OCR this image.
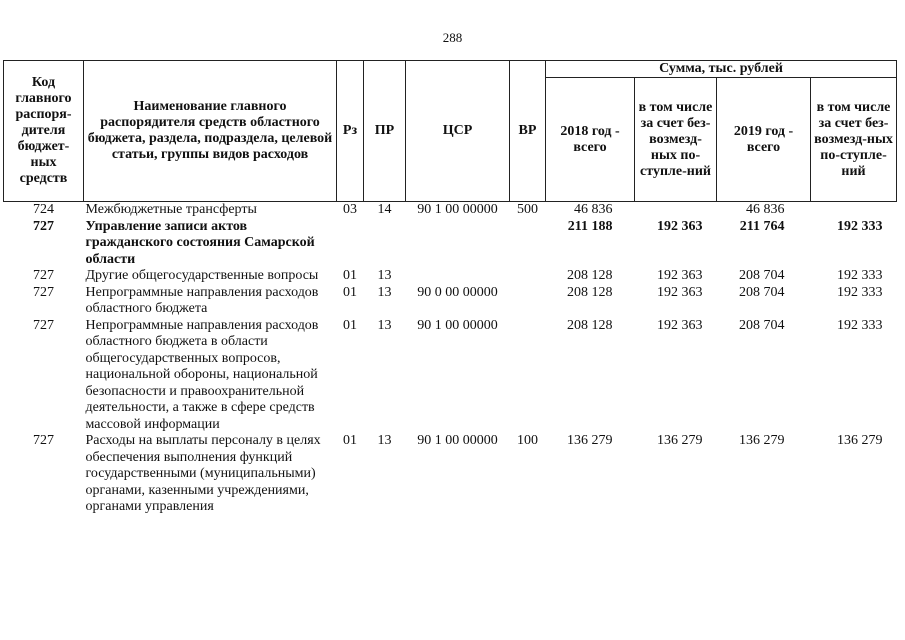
288
Код главного распоря-дителя бюджет-ных средств	Наименование главного распорядителя средств областного бюджета, раздела, подраздела, целевой статьи, группы видов расходов	Рз	ПР	ЦСР	ВР	Сумма, тыс. рублей			
						2018 год - всего	в том числе за счет без-возмезд-ных по-ступле-ний	2019 год - всего	в том числе за счет без-возмезд-ных по-ступле-ний
724	Межбюджетные трансферты	03	14	90 1 00 00000	500	46 836		46 836	
727	Управление записи актов гражданского состояния Самарской области					211 188	192 363	211 764	192 333
727	Другие общегосударственные вопросы	01	13			208 128	192 363	208 704	192 333
727	Непрограммные направления расходов областного бюджета	01	13	90 0 00 00000		208 128	192 363	208 704	192 333
727	Непрограммные направления расходов областного бюджета в области общегосударственных вопросов, национальной обороны, национальной безопасности и правоохранительной деятельности, а также в сфере средств массовой информации	01	13	90 1 00 00000		208 128	192 363	208 704	192 333
727	Расходы на выплаты персоналу в целях обеспечения выполнения функций государственными (муниципальными) органами, казенными учреждениями, органами управления	01	13	90 1 00 00000	100	136 279	136 279	136 279	136 279
